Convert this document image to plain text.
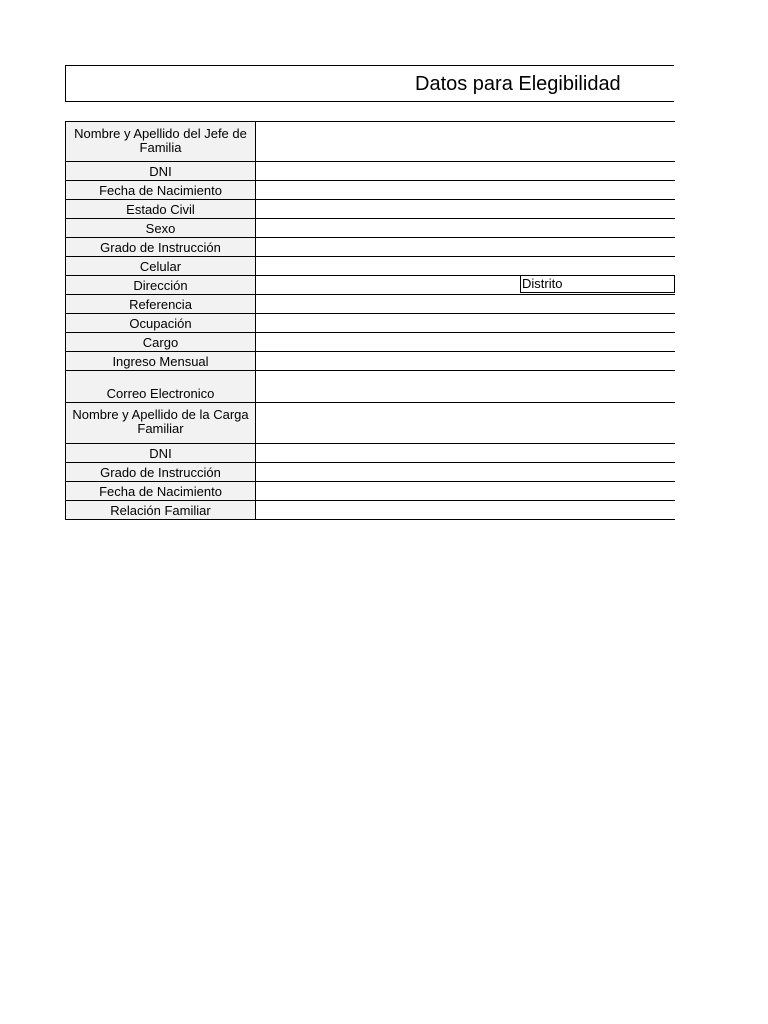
Datos para Elegibilidad
Nombre y Apellido del Jefe de Familia	
DNI	
Fecha de Nacimiento	
Estado Civil	
Sexo	
Grado de Instrucción	
Celular	
Dirección	Distrito

Referencia	
Ocupación	
Cargo	
Ingreso Mensual	
Correo Electronico	
Nombre y Apellido de la Carga Familiar	
DNI	
Grado de Instrucción	
Fecha de Nacimiento	
Relación Familiar	
